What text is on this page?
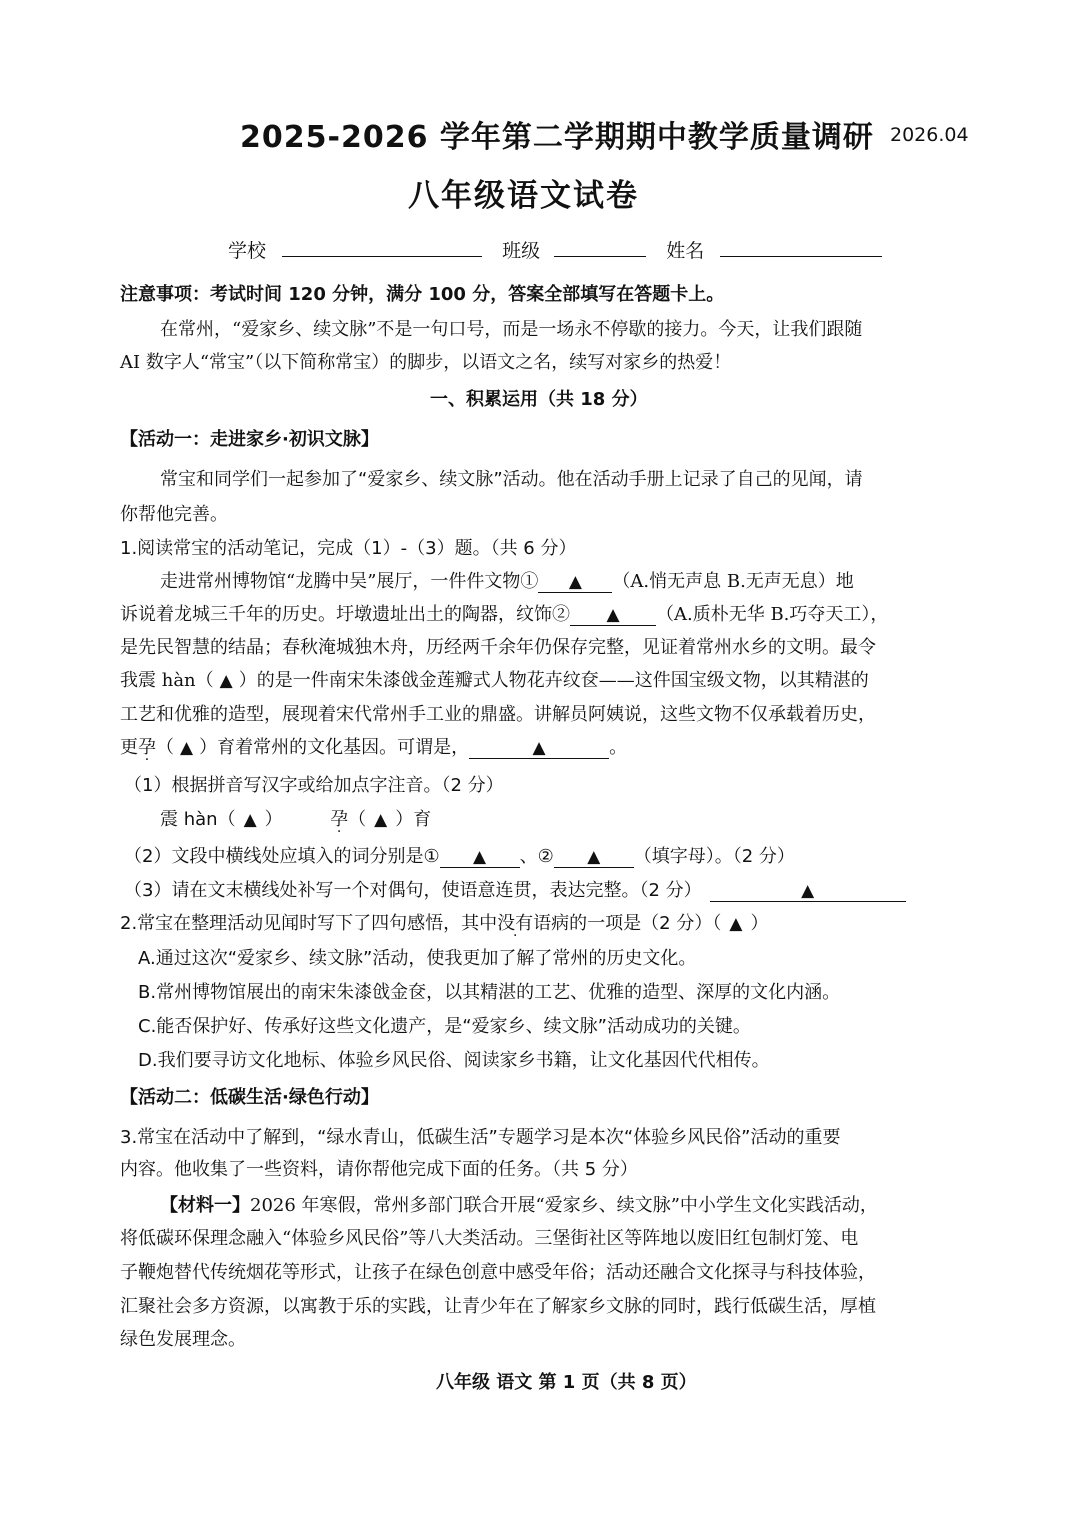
2025-2026 学年第二学期期中教学质量调研 2026.04
八年级语文试卷
学校	班级	姓名
注意事项：考试时间 120 分钟，满分 100 分，答案全部填写在答题卡上。
在常州，“爱家乡、续文脉”不是一句口号，而是一场永不停歇的接力。今天，让我们跟随
AI 数字人“常宝”（以下简称常宝）的脚步，以语文之名，续写对家乡的热爱！
一、积累运用（共 18 分）
【活动一：走进家乡·初识文脉】
常宝和同学们一起参加了“爱家乡、续文脉”活动。他在活动手册上记录了自己的见闻，请
你帮他完善。
1.阅读常宝的活动笔记，完成（1）-（3）题。（共 6 分）
走进常州博物馆“龙腾中吴”展厅，一件件文物① ▲ （A.悄无声息 B.无声无息）地
诉说着龙城三千年的历史。圩墩遗址出土的陶器，纹饰② ▲ （A.质朴无华 B.巧夺天工），
是先民智慧的结晶；春秋淹城独木舟，历经两千余年仍保存完整，见证着常州水乡的文明。最令
我震 hàn（ ▲ ）的是一件南宋朱漆戗金莲瓣式人物花卉纹奁——这件国宝级文物，以其精湛的
工艺和优雅的造型，展现着宋代常州手工业的鼎盛。讲解员阿姨说，这些文物不仅承载着历史，
更孕（ ▲ ）育着常州的文化基因。可谓是，	▲	。
（1）根据拼音写汉字或给加点字注音。（2 分）
震 hàn（ ▲ ）	孕（ ▲ ）育
（2）文段中横线处应填入的词分别是① ▲ 、② ▲ （填字母）。（2 分）
（3）请在文末横线处补写一个对偶句，使语意连贯，表达完整。（2 分）	▲
2.常宝在整理活动见闻时写下了四句感悟，其中没有语病的一项是（2 分）（ ▲ ）
A.通过这次“爱家乡、续文脉”活动，使我更加了解了常州的历史文化。
B.常州博物馆展出的南宋朱漆戗金奁，以其精湛的工艺、优雅的造型、深厚的文化内涵。
C.能否保护好、传承好这些文化遗产，是“爱家乡、续文脉”活动成功的关键。
D.我们要寻访文化地标、体验乡风民俗、阅读家乡书籍，让文化基因代代相传。
【活动二：低碳生活·绿色行动】
3.常宝在活动中了解到，“绿水青山，低碳生活”专题学习是本次“体验乡风民俗”活动的重要
内容。他收集了一些资料，请你帮他完成下面的任务。（共 5 分）
【材料一】2026 年寒假，常州多部门联合开展“爱家乡、续文脉”中小学生文化实践活动，
将低碳环保理念融入“体验乡风民俗”等八大类活动。三堡街社区等阵地以废旧红包制灯笼、电
子鞭炮替代传统烟花等形式，让孩子在绿色创意中感受年俗；活动还融合文化探寻与科技体验，
汇聚社会多方资源，以寓教于乐的实践，让青少年在了解家乡文脉的同时，践行低碳生活，厚植
绿色发展理念。
八年级 语文 第 1 页（共 8 页）
